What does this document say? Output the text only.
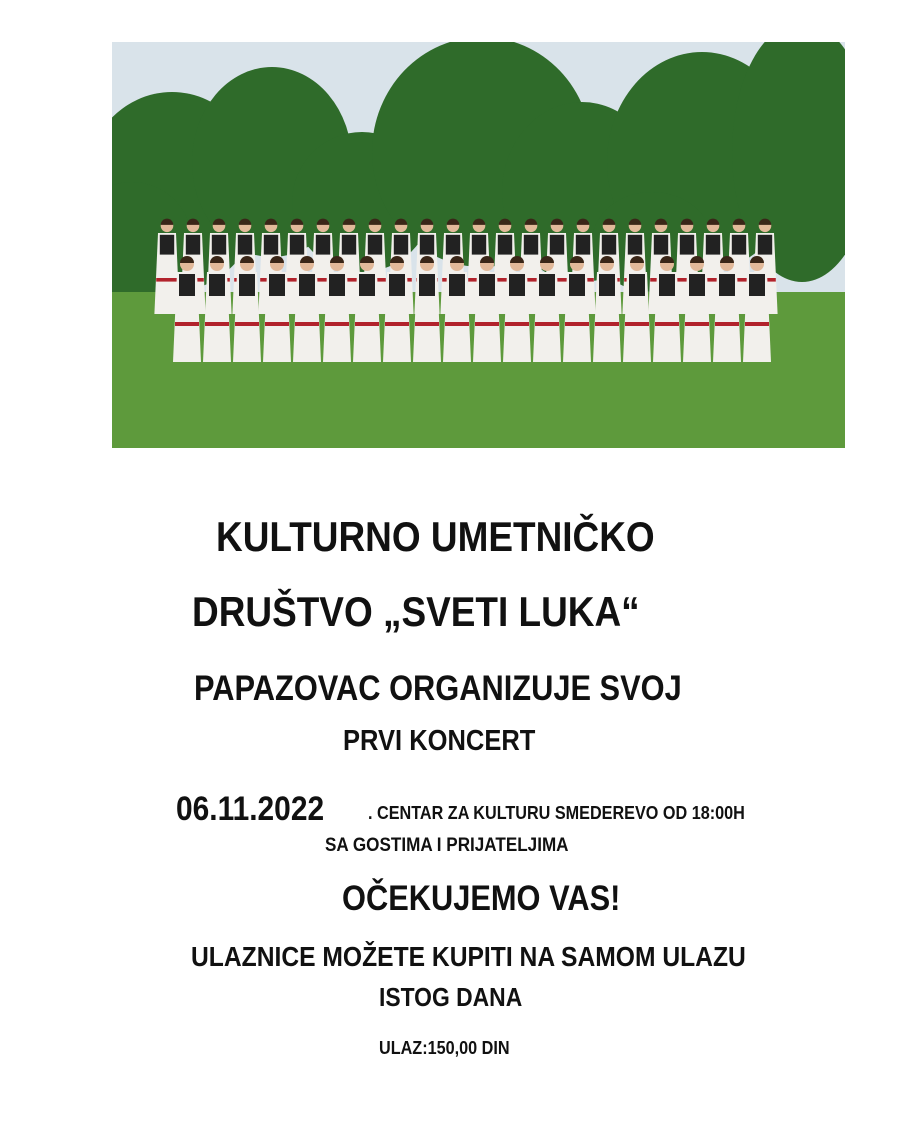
KULTURNO UMETNIČKO
DRUŠTVO „SVETI LUKA“
PAPAZOVAC ORGANIZUJE SVOJ
PRVI KONCERT
06.11.2022 . CENTAR ZA KULTURU SMEDEREVO OD 18:00H
SA GOSTIMA I PRIJATELJIMA
OČEKUJEMO VAS!
ULAZNICE MOŽETE KUPITI NA SAMOM ULAZU
ISTOG DANA
ULAZ:150,00 DIN
